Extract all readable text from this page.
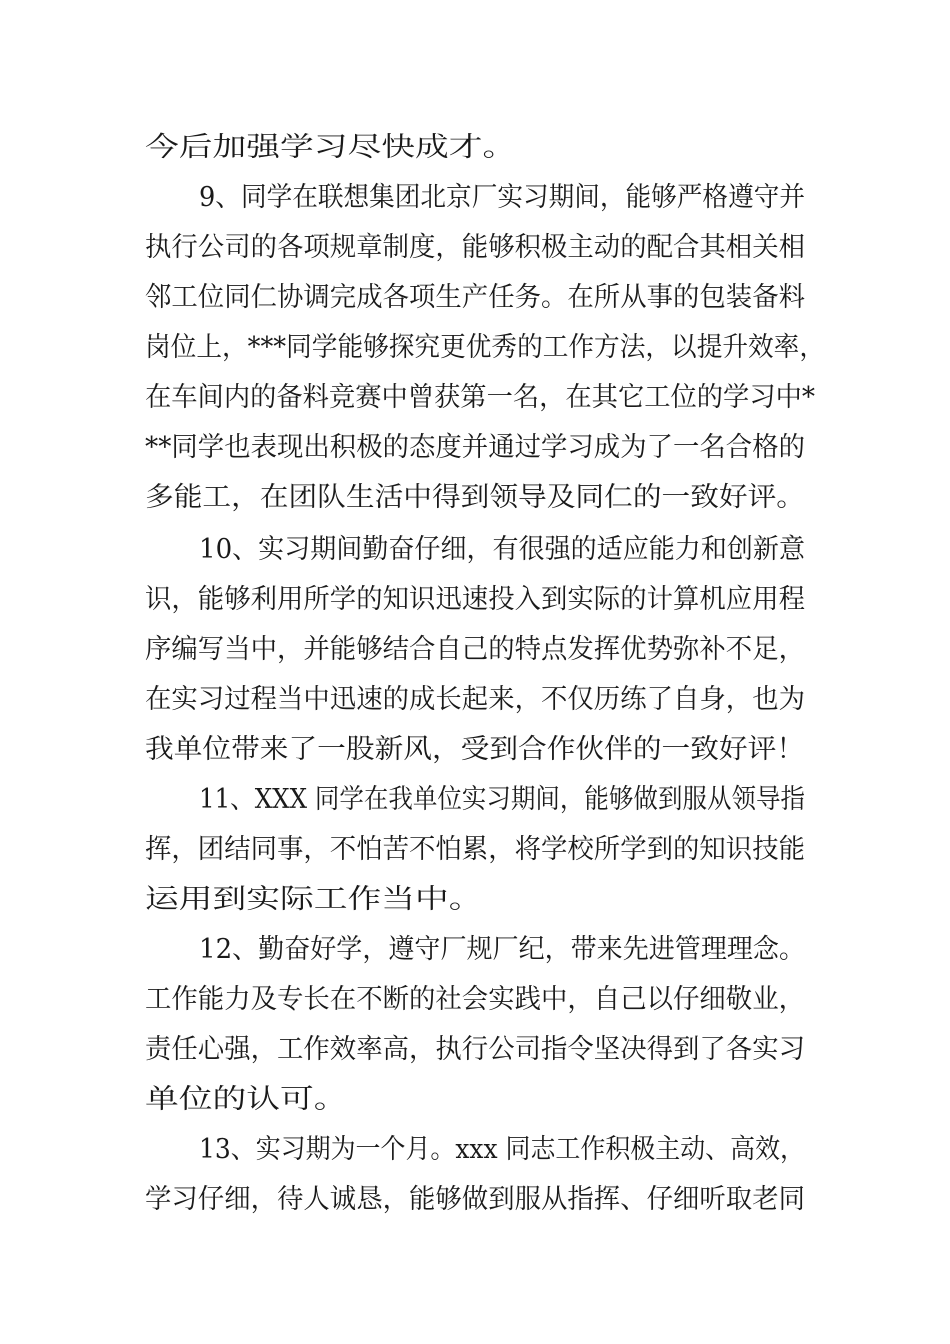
今后加强学习尽快成才。
9、同学在联想集团北京厂实习期间，能够严格遵守并
执行公司的各项规章制度，能够积极主动的配合其相关相
邻工位同仁协调完成各项生产任务。在所从事的包装备料
岗位上，***同学能够探究更优秀的工作方法，以提升效率，
在车间内的备料竞赛中曾获第一名，在其它工位的学习中*
**同学也表现出积极的态度并通过学习成为了一名合格的
多能工，在团队生活中得到领导及同仁的一致好评。
10、实习期间勤奋仔细，有很强的适应能力和创新意
识，能够利用所学的知识迅速投入到实际的计算机应用程
序编写当中，并能够结合自己的特点发挥优势弥补不足，
在实习过程当中迅速的成长起来，不仅历练了自身，也为
我单位带来了一股新风，受到合作伙伴的一致好评！
11、XXX 同学在我单位实习期间，能够做到服从领导指
挥，团结同事，不怕苦不怕累，将学校所学到的知识技能
运用到实际工作当中。
12、勤奋好学，遵守厂规厂纪，带来先进管理理念。
工作能力及专长在不断的社会实践中，自己以仔细敬业，
责任心强，工作效率高，执行公司指令坚决得到了各实习
单位的认可。
13、实习期为一个月。xxx 同志工作积极主动、高效，
学习仔细，待人诚恳，能够做到服从指挥、仔细听取老同
